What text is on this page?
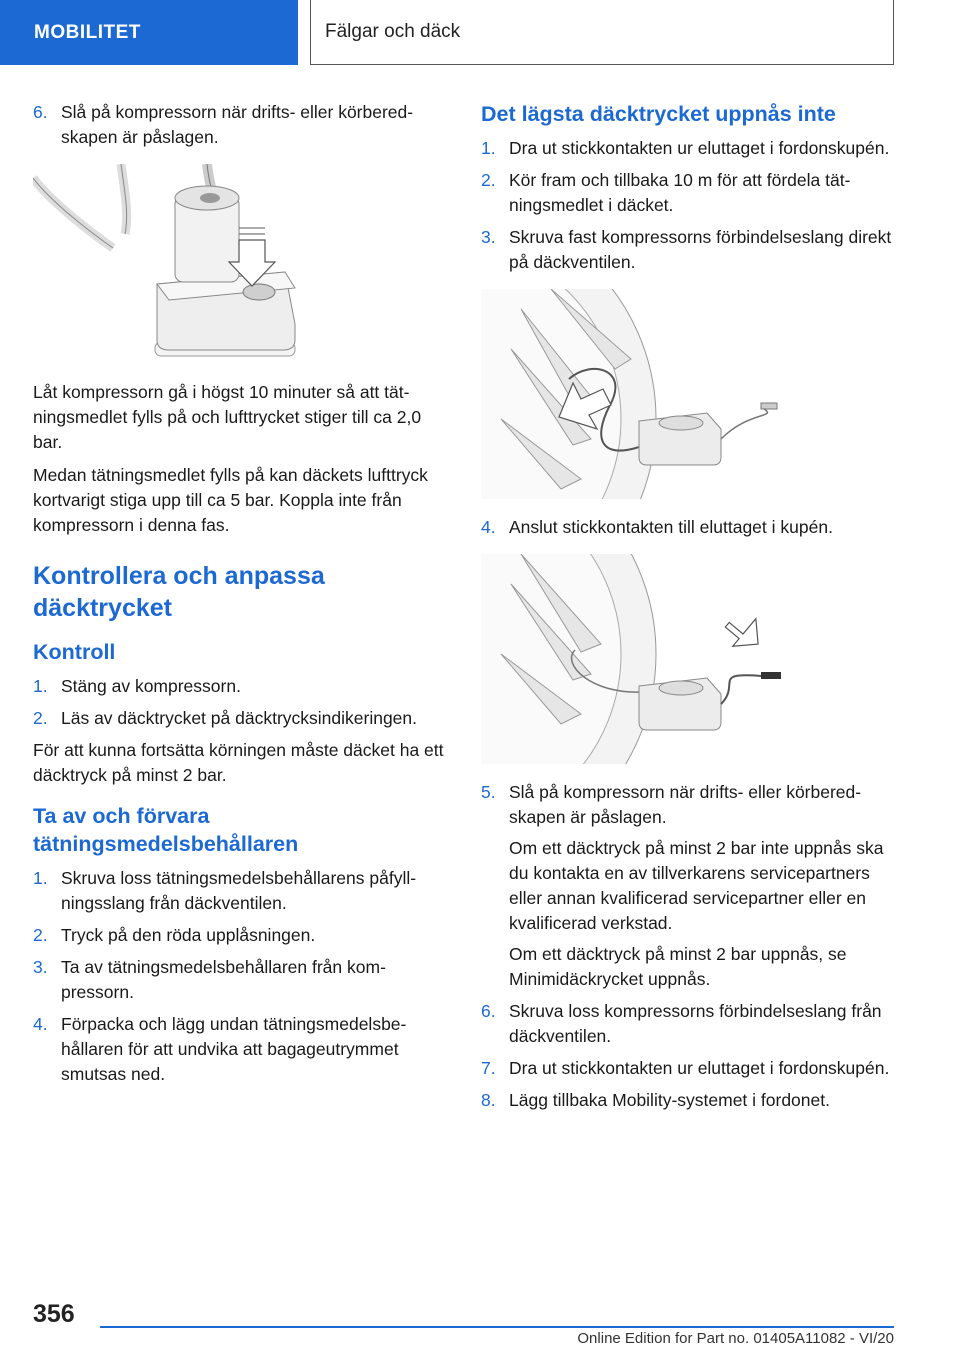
MOBILITET	Fälgar och däck
6. Slå på kompressorn när drifts- eller körberedskapen är påslagen.

Låt kompressorn gå i högst 10 minuter så att tätningsmedlet fylls på och lufttrycket stiger till ca 2,0 bar.

Medan tätningsmedlet fylls på kan däckets lufttryck kortvarigt stiga upp till ca 5 bar. Koppla inte från kompressorn i denna fas.

Kontrollera och anpassa däcktrycket
Kontroll
1. Stäng av kompressorn.
2. Läs av däcktrycket på däcktrycksindikeringen.

För att kunna fortsätta körningen måste däcket ha ett däcktryck på minst 2 bar.

Ta av och förvara tätningsmedelsbehållaren
1. Skruva loss tätningsmedelsbehållarens påfyllningsslang från däckventilen.
2. Tryck på den röda upplåsningen.
3. Ta av tätningsmedelsbehållaren från kompressorn.
4. Förpacka och lägg undan tätningsmedelsbehållaren för att undvika att bagageutrymmet smutsas ned.
Det lägsta däcktrycket uppnås inte
1. Dra ut stickkontakten ur eluttaget i fordonskupén.
2. Kör fram och tillbaka 10 m för att fördela tätningsmedlet i däcket.
3. Skruva fast kompressorns förbindelseslang direkt på däckventilen.
4. Anslut stickkontakten till eluttaget i kupén.
5. Slå på kompressorn när drifts- eller körberedskapen är påslagen.

Om ett däcktryck på minst 2 bar inte uppnås ska du kontakta en av tillverkarens servicepartners eller annan kvalificerad servicepartner eller en kvalificerad verkstad.

Om ett däcktryck på minst 2 bar uppnås, se Minimidäckrycket uppnås.

6. Skruva loss kompressorns förbindelseslang från däckventilen.
7. Dra ut stickkontakten ur eluttaget i fordonskupén.
8. Lägg tillbaka Mobility-systemet i fordonet.
356
Online Edition for Part no. 01405A11082 - VI/20
